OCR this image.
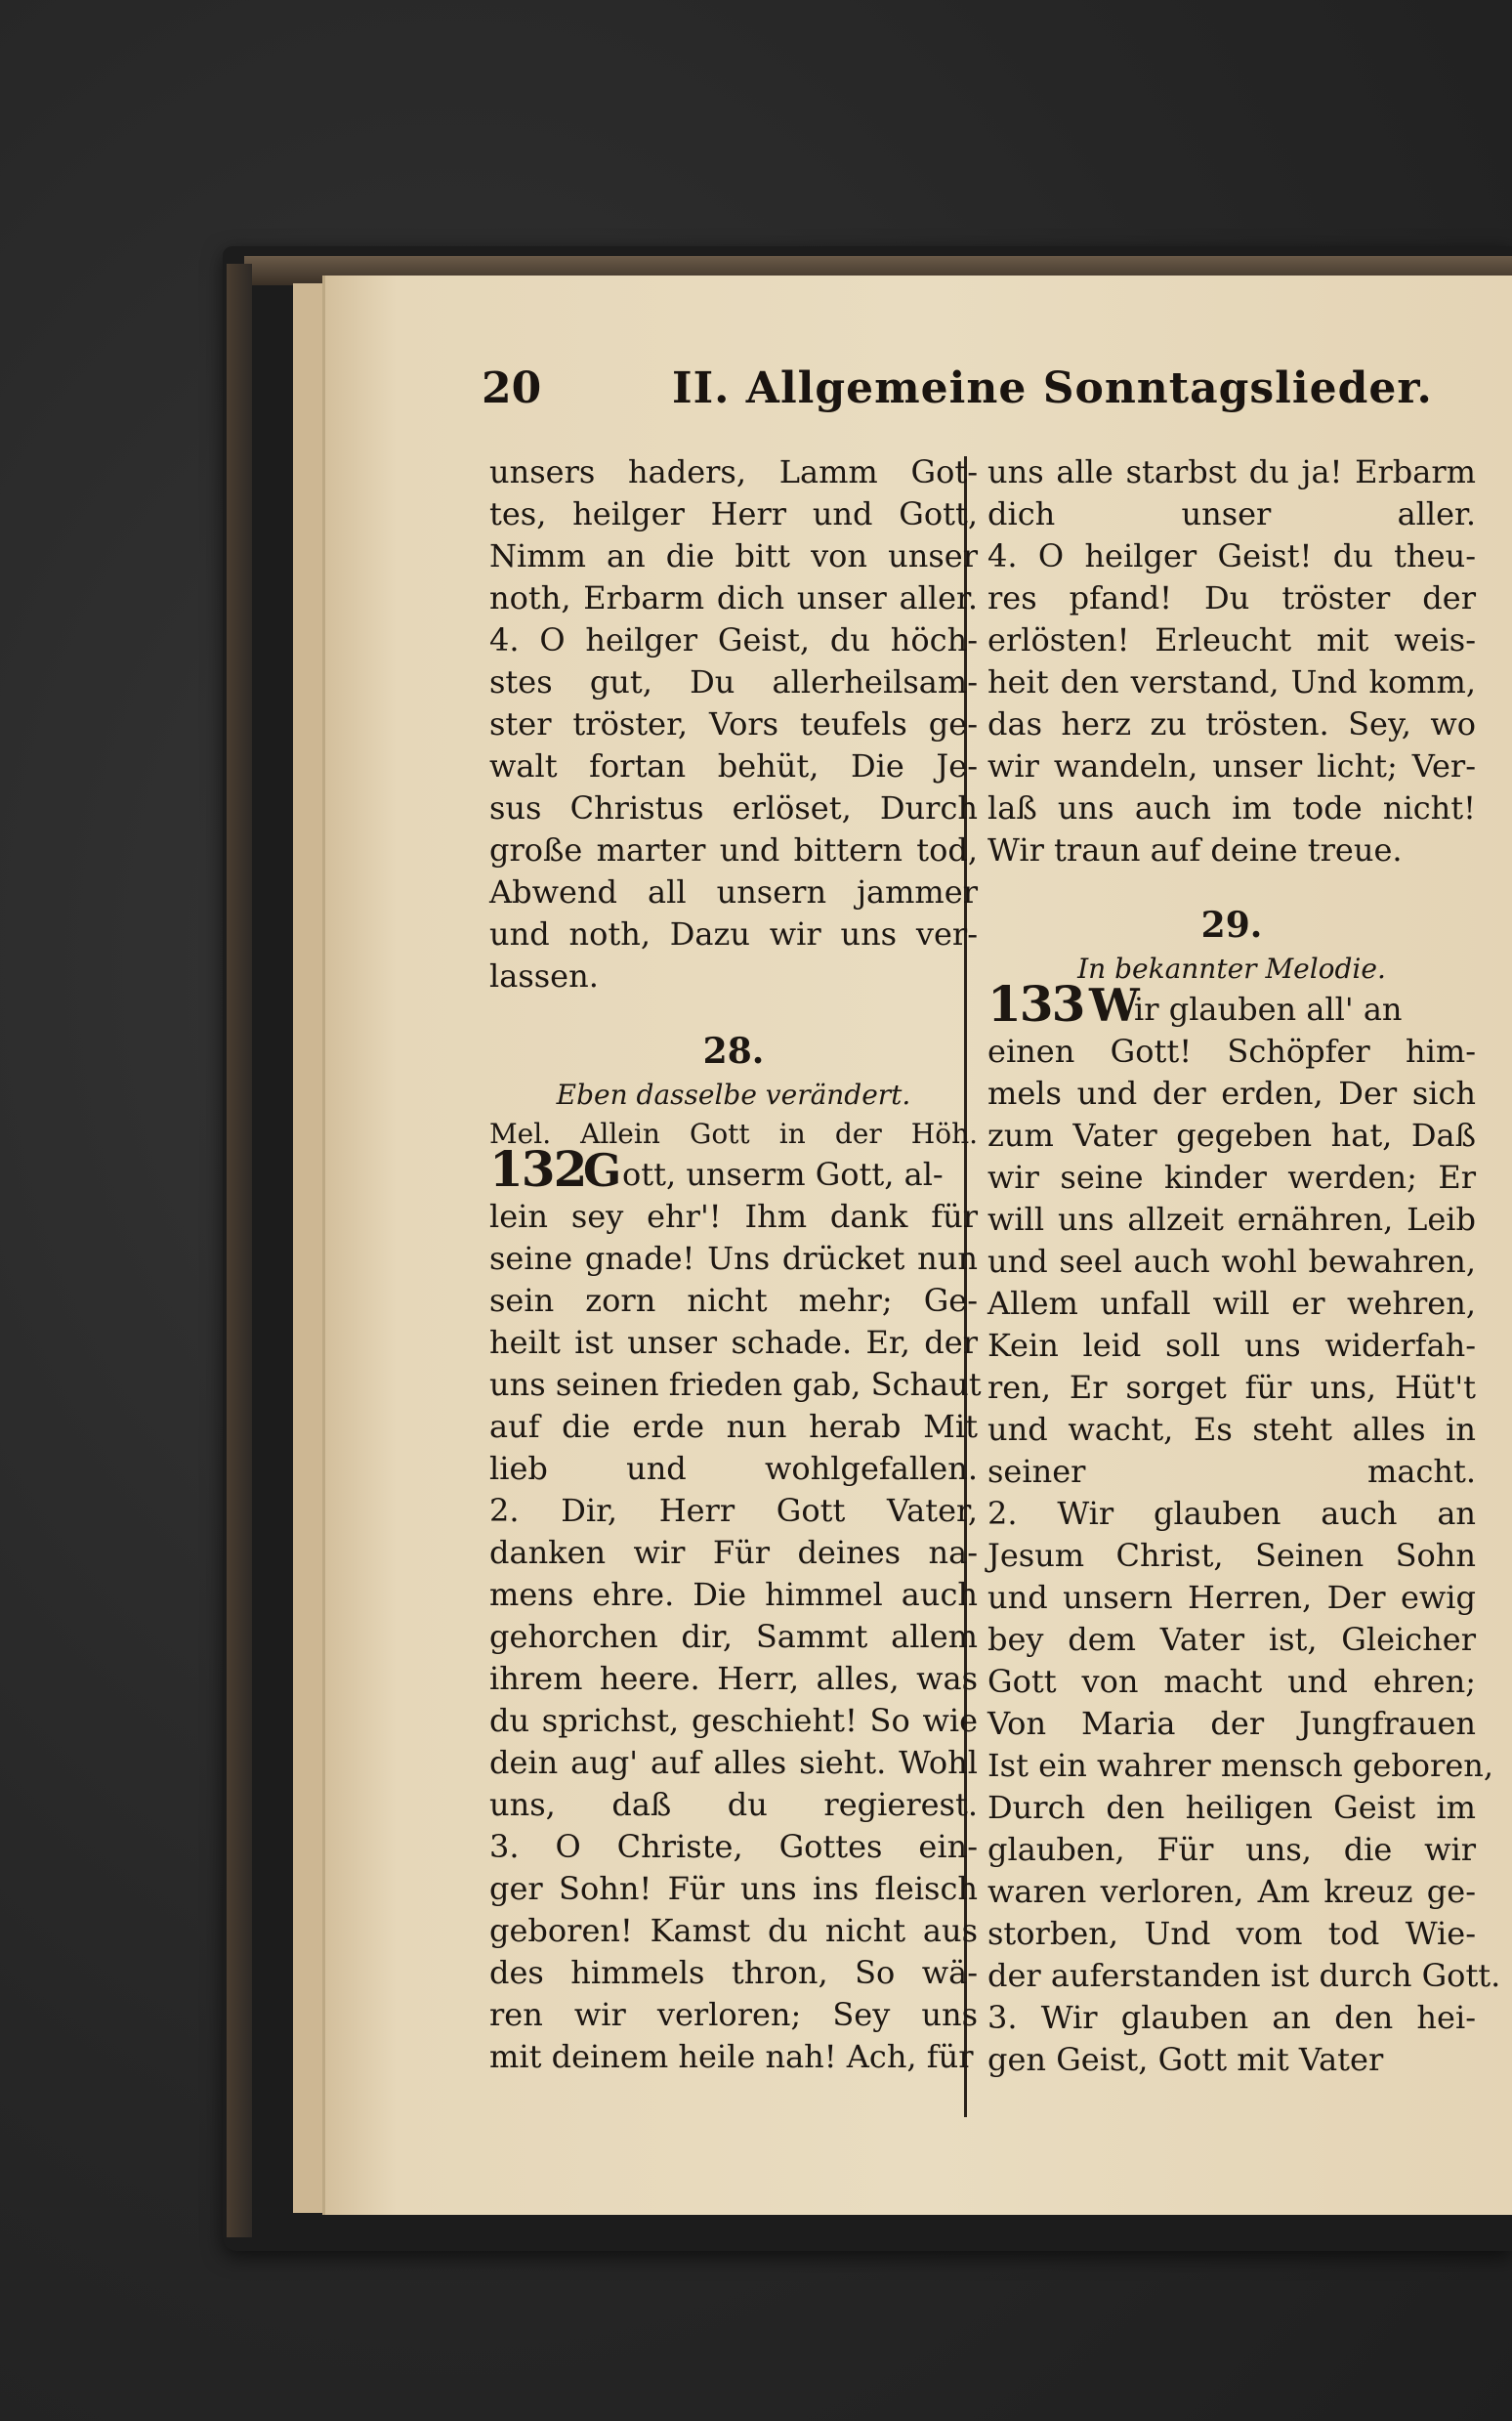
20	II. Allgemeine Sonntagslieder.
unsers haders, Lamm Got-
tes, heilger Herr und Gott,
Nimm an die bitt von unser
noth, Erbarm dich unser aller.
4. O heilger Geist, du höch-
stes gut, Du allerheilsam-
ster tröster, Vors teufels ge-
walt fortan behüt, Die Je-
sus Christus erlöset, Durch
große marter und bittern tod,
Abwend all unsern jammer
und noth, Dazu wir uns ver-
lassen.
28.
Eben dasselbe verändert.
Mel. Allein Gott in der Höh.
132
G ott, unserm Gott, al-
lein sey ehr'! Ihm dank für
seine gnade! Uns drücket nun
sein zorn nicht mehr; Ge-
heilt ist unser schade. Er, der
uns seinen frieden gab, Schaut
auf die erde nun herab Mit
lieb und wohlgefallen.
2. Dir, Herr Gott Vater,
danken wir Für deines na-
mens ehre. Die himmel auch
gehorchen dir, Sammt allem
ihrem heere. Herr, alles, was
du sprichst, geschieht! So wie
dein aug' auf alles sieht. Wohl
uns, daß du regierest.
3. O Christe, Gottes ein-
ger Sohn! Für uns ins fleisch
geboren! Kamst du nicht aus
des himmels thron, So wä-
ren wir verloren; Sey uns
mit deinem heile nah! Ach, für
uns alle starbst du ja! Erbarm
dich unser aller.
4. O heilger Geist! du theu-
res pfand! Du tröster der
erlösten! Erleucht mit weis-
heit den verstand, Und komm,
das herz zu trösten. Sey, wo
wir wandeln, unser licht; Ver-
laß uns auch im tode nicht!
Wir traun auf deine treue.
29.
In bekannter Melodie.
133 W
ir glauben all' an
einen Gott! Schöpfer him-
mels und der erden, Der sich
zum Vater gegeben hat, Daß
wir seine kinder werden; Er
will uns allzeit ernähren, Leib
und seel auch wohl bewahren,
Allem unfall will er wehren,
Kein leid soll uns widerfah-
ren, Er sorget für uns, Hüt't
und wacht, Es steht alles in
seiner macht.
2. Wir glauben auch an
Jesum Christ, Seinen Sohn
und unsern Herren, Der ewig
bey dem Vater ist, Gleicher
Gott von macht und ehren;
Von Maria der Jungfrauen
Ist ein wahrer mensch geboren,
Durch den heiligen Geist im
glauben, Für uns, die wir
waren verloren, Am kreuz ge-
storben, Und vom tod Wie-
der auferstanden ist durch Gott.
3. Wir glauben an den hei-
gen Geist, Gott mit Vater
